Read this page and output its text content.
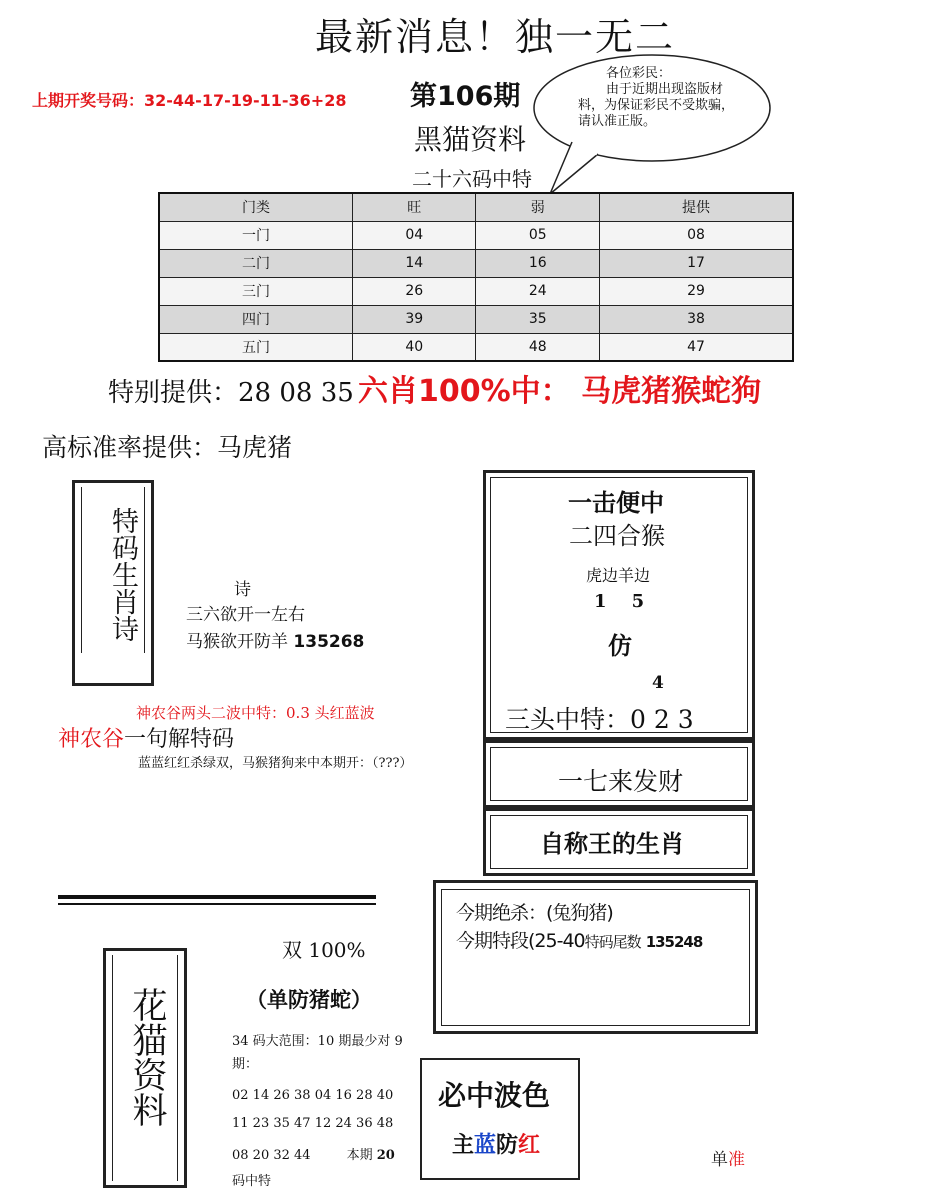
最新消息！独一无二
上期开奖号码：32-44-17-19-11-36+28 第106期
黑猫资料
二十六码中特
各位彩民：
由于近期出现盗版材料，为保证彩民不受欺骗，请认准正版。
门类	旺	弱	提供
一门	04	05	08
二门	14	16	17
三门	26	24	29
四门	39	35	38
五门	40	48	47
特别提供：28 08 35 六肖100%中： 马虎猪猴蛇狗
高标准率提供：马虎猪
特码生肖诗	诗
三六欲开一左右
马猴欲开防羊 135268
神农谷两头二波中特：0.3 头红蓝波
神农谷一句解特码
蓝蓝红红杀绿双，马猴猪狗来中本期开：（???）
一击便中
二四合猴
虎边羊边
1    5
仿
4
三头中特：0 2 3
一七来发财
自称王的生肖
今期绝杀：(兔狗猪)
今期特段(25-40特码尾数 135248
双 100%
（单防猪蛇）
花猫资料	34 码大范围：10 期最少对 9 期：
02 14 26 38 04 16 28 40
11 23 35 47 12 24 36 48
08 20 32 44	本期 20
码中特
必中波色
主蓝防红
单准
